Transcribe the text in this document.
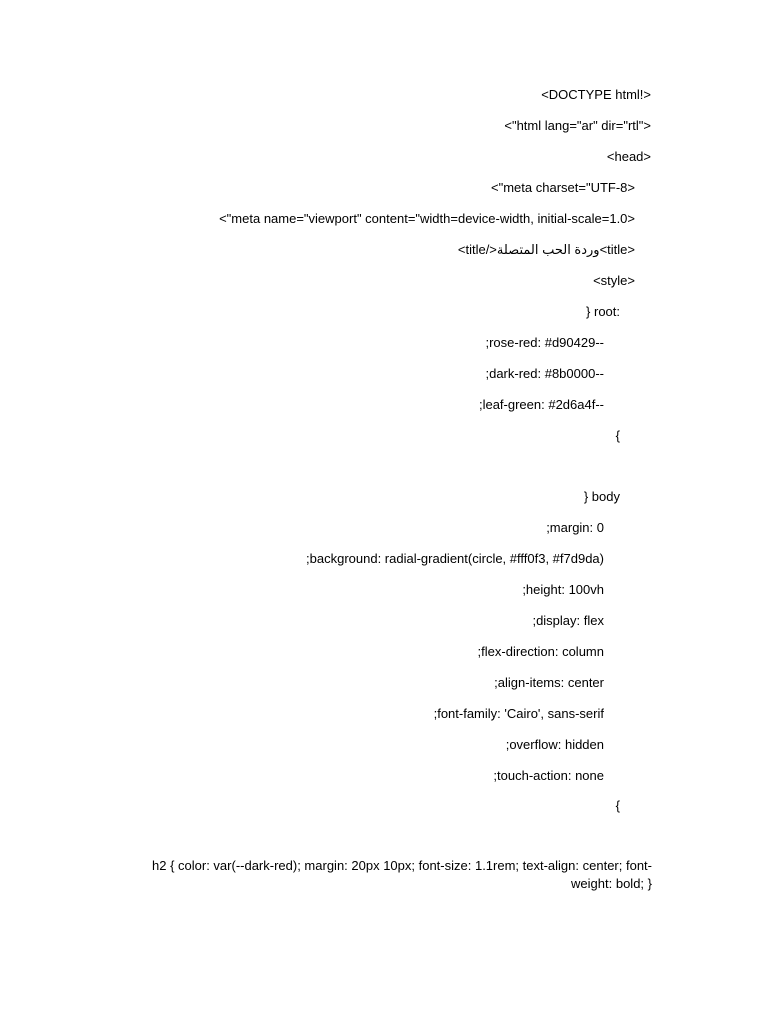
<DOCTYPE html!>
<"html lang="ar" dir="rtl">
<head>
<"meta charset="UTF-8>
<"meta name="viewport" content="width=device-width, initial-scale=1.0>
<title/>وردة الحب المتصلة<title>
<style>
} root:
;rose-red: #d90429--
;dark-red: #8b0000--
;leaf-green: #2d6a4f--
{
} body
;margin: 0
;background: radial-gradient(circle, #fff0f3, #f7d9da)
;height: 100vh
;display: flex
;flex-direction: column
;align-items: center
;font-family: 'Cairo', sans-serif
;overflow: hidden
;touch-action: none
{
h2 { color: var(--dark-red); margin: 20px 10px; font-size: 1.1rem; text-align: center; font-weight: bold; }
